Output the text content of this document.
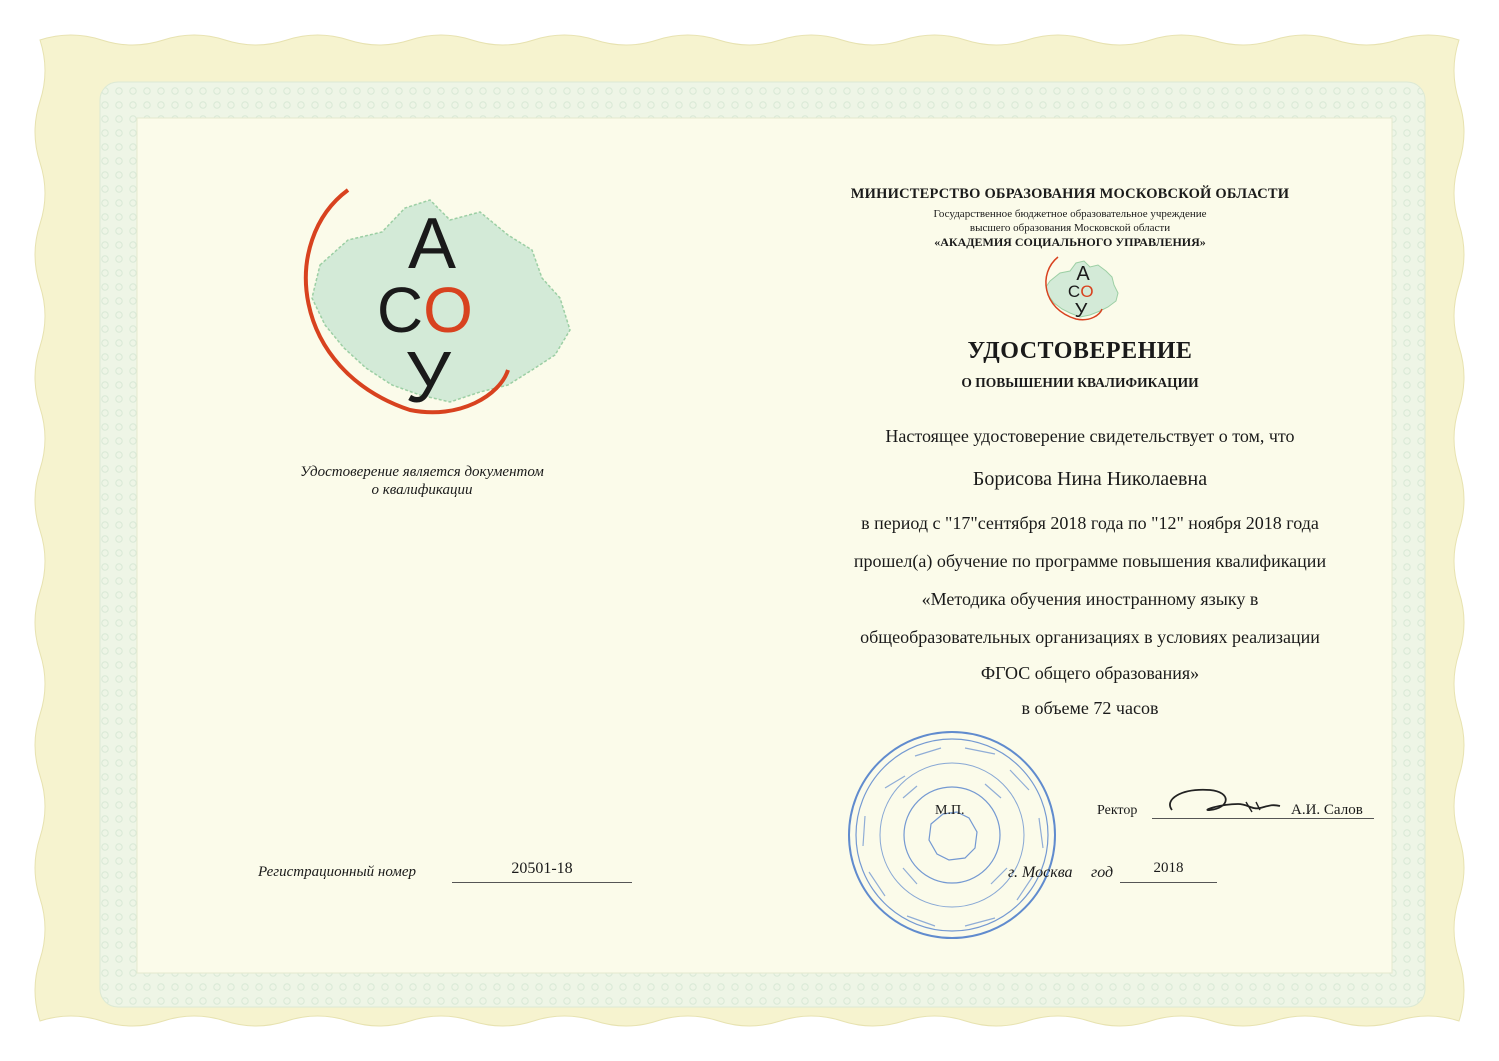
А
С О
У
Удостоверение является документом
о квалификации
Регистрационный номер	20501-18
МИНИСТЕРСТВО ОБРАЗОВАНИЯ МОСКОВСКОЙ ОБЛАСТИ
Государственное бюджетное образовательное учреждение
высшего образования Московской области
«АКАДЕМИЯ СОЦИАЛЬНОГО УПРАВЛЕНИЯ»
А
С О
У
УДОСТОВЕРЕНИЕ
О ПОВЫШЕНИИ КВАЛИФИКАЦИИ
Настоящее удостоверение свидетельствует о том, что
Борисова Нина Николаевна
в период с "17"сентября 2018 года по "12" ноября 2018 года
прошел(а) обучение по программе повышения квалификации
«Методика обучения иностранному языку в
общеобразовательных организациях в условиях реализации
ФГОС общего образования»
в объеме 72 часов
М.П.	Ректор	А.И. Салов
г. Москва год	2018
